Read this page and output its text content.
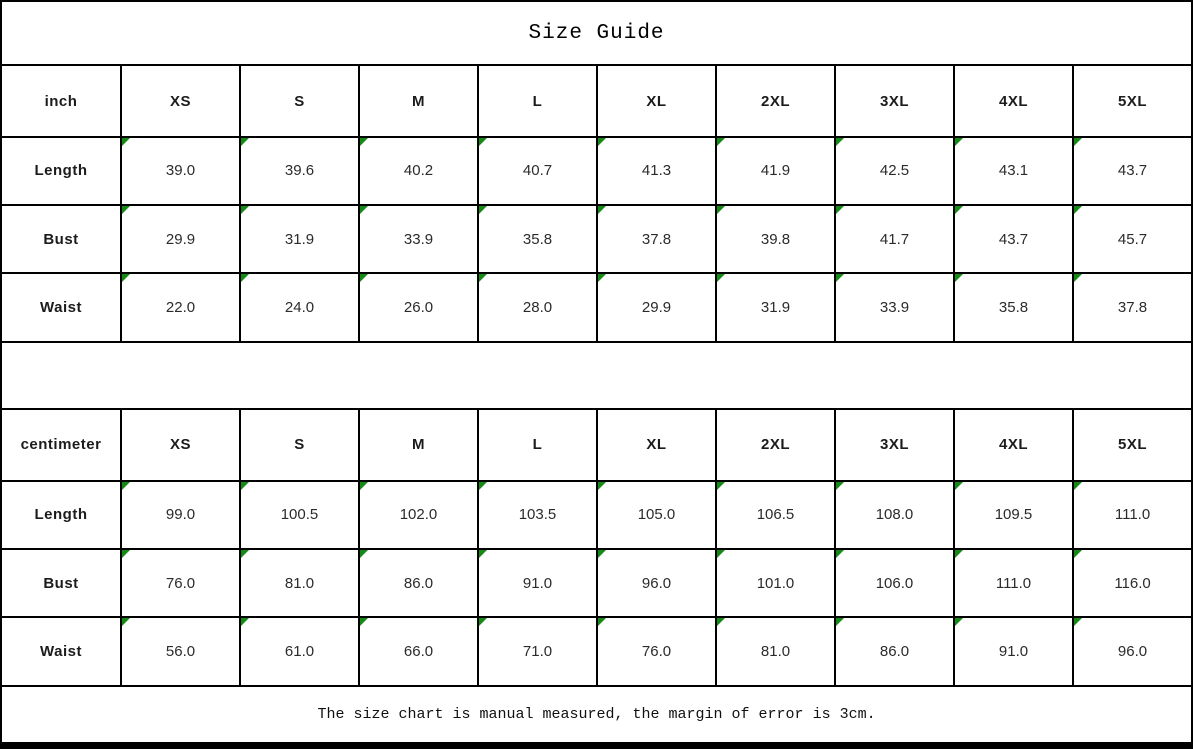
Size Guide									
inch	XS	S	M	L	XL	2XL	3XL	4XL	5XL
Length	39.0	39.6	40.2	40.7	41.3	41.9	42.5	43.1	43.7
Bust	29.9	31.9	33.9	35.8	37.8	39.8	41.7	43.7	45.7
Waist	22.0	24.0	26.0	28.0	29.9	31.9	33.9	35.8	37.8

centimeter	XS	S	M	L	XL	2XL	3XL	4XL	5XL
Length	99.0	100.5	102.0	103.5	105.0	106.5	108.0	109.5	111.0
Bust	76.0	81.0	86.0	91.0	96.0	101.0	106.0	111.0	116.0
Waist	56.0	61.0	66.0	71.0	76.0	81.0	86.0	91.0	96.0
The size chart is manual measured, the margin of error is 3cm.									
